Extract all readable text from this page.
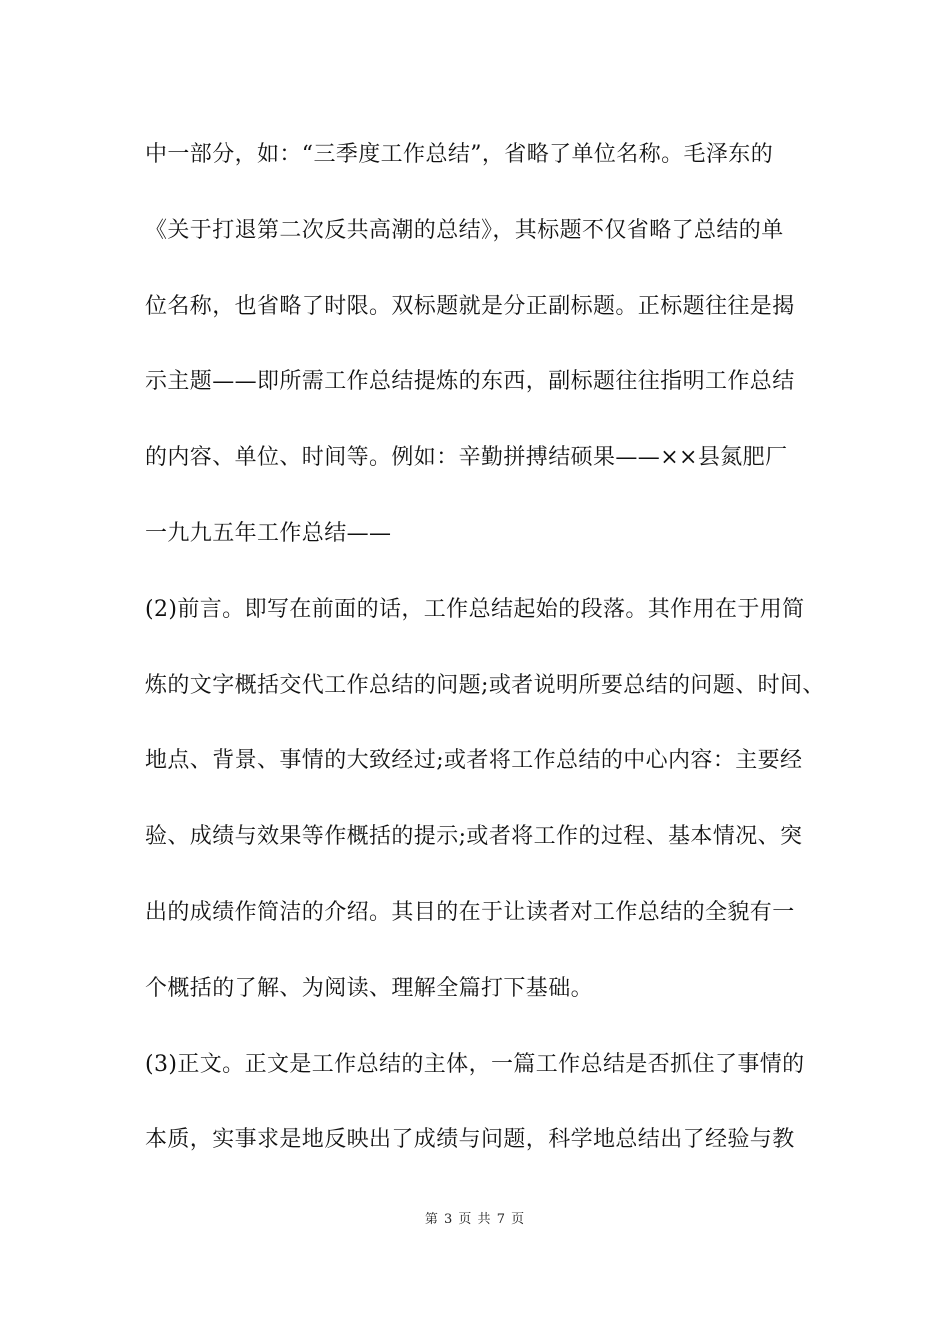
中一部分，如：“三季度工作总结”，省略了单位名称。毛泽东的
《关于打退第二次反共高潮的总结》，其标题不仅省略了总结的单
位名称，也省略了时限。双标题就是分正副标题。正标题往往是揭
示主题——即所需工作总结提炼的东西，副标题往往指明工作总结
的内容、单位、时间等。例如：辛勤拼搏结硕果——××县氮肥厂
一九九五年工作总结——
(2)前言。即写在前面的话，工作总结起始的段落。其作用在于用简
炼的文字概括交代工作总结的问题;或者说明所要总结的问题、时间、
地点、背景、事情的大致经过;或者将工作总结的中心内容：主要经
验、成绩与效果等作概括的提示;或者将工作的过程、基本情况、突
出的成绩作简洁的介绍。其目的在于让读者对工作总结的全貌有一
个概括的了解、为阅读、理解全篇打下基础。
(3)正文。正文是工作总结的主体，一篇工作总结是否抓住了事情的
本质，实事求是地反映出了成绩与问题，科学地总结出了经验与教
第 3 页 共 7 页
